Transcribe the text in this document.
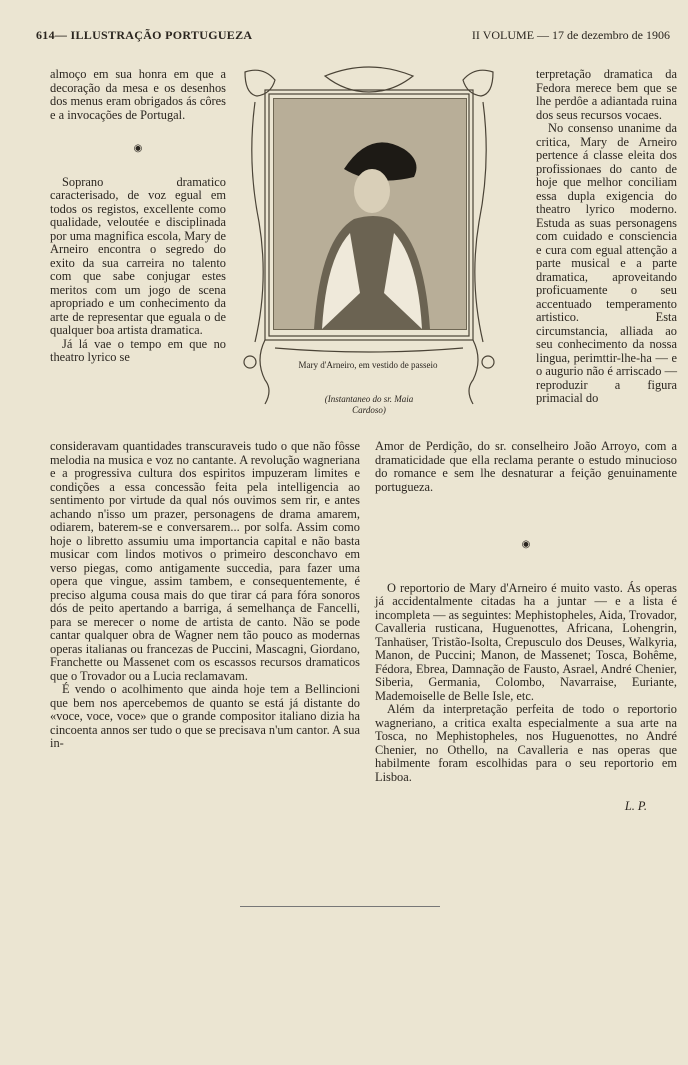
614— ILLUSTRAÇÃO PORTUGUEZA	II VOLUME — 17 de dezembro de 1906

almoço em sua honra em que a decoração da mesa e os desenhos dos menus eram obrigados ás côres e a invocações de Portugal.

◉

Soprano dramatico caracterisado, de voz egual em todos os registos, excellente como qualidade, veloutée e disciplinada por uma magnifica escola, Mary de Arneiro encontra o segredo do exito da sua carreira no talento com que sabe conjugar estes meritos com um jogo de scena apropriado e um conhecimento da arte de representar que eguala o de qualquer boa artista dramatica.

Já lá vae o tempo em que no theatro lyrico se

Mary d'Arneiro, em vestido de passeio
(Instantaneo do sr. Maia Cardoso)

terpretação dramatica da Fedora merece bem que se lhe perdôe a adiantada ruina dos seus recursos vocaes.

No consenso unanime da critica, Mary de Arneiro pertence á classe eleita dos profissionaes do canto de hoje que melhor conciliam essa dupla exigencia do theatro lyrico moderno. Estuda as suas personagens com cuidado e consciencia e cura com egual attenção a parte musical e a parte dramatica, aproveitando proficuamente o seu accentuado temperamento artistico. Esta circumstancia, alliada ao seu conhecimento da nossa lingua, perimttir-lhe-ha — e o augurio não é arriscado — reproduzir a figura primacial do

consideravam quantidades transcuraveis tudo o que não fôsse melodia na musica e voz no cantante. A revolução wagneriana e a progressiva cultura dos espiritos impuzeram limites e condições a essa concessão feita pela intelligencia ao sentimento por virtude da qual nós ouvimos sem rir, e antes achando n'isso um prazer, personagens de drama amarem, odiarem, baterem-se e conversarem... por solfa. Assim como hoje o libretto assumiu uma importancia capital e não basta musicar com lindos motivos o primeiro desconchavo em verso piegas, como antigamente succedia, para fazer uma opera que vingue, assim tambem, e consequentemente, é preciso alguma cousa mais do que tirar cá para fóra sonoros dós de peito apertando a barriga, á semelhança de Fancelli, para se merecer o nome de artista de canto. Não se pode cantar qualquer obra de Wagner nem tão pouco as modernas operas italianas ou francezas de Puccini, Mascagni, Giordano, Franchette ou Massenet com os escassos recursos dramaticos que o Trovador ou a Lucia reclamavam.

É vendo o acolhimento que ainda hoje tem a Bellincioni que bem nos apercebemos de quanto se está já distante do «voce, voce, voce» que o grande compositor italiano dizia ha cincoenta annos ser tudo o que se precisava n'um cantor. A sua in-

Amor de Perdição, do sr. conselheiro João Arroyo, com a dramaticidade que ella reclama perante o estudo minucioso do romance e sem lhe desnaturar a feição genuinamente portugueza.

◉

O reportorio de Mary d'Arneiro é muito vasto. Ás operas já accidentalmente citadas ha a juntar — e a lista é incompleta — as seguintes: Mephistopheles, Aida, Trovador, Cavalleria rusticana, Huguenottes, Africana, Lohengrin, Tanhaüser, Tristão-Isolta, Crepusculo dos Deuses, Walkyria, Manon, de Puccini; Manon, de Massenet; Tosca, Bohême, Fédora, Ebrea, Damnação de Fausto, Asrael, André Chenier, Siberia, Germania, Colombo, Navarraise, Euriante, Mademoiselle de Belle Isle, etc.

Além da interpretação perfeita de todo o reportorio wagneriano, a critica exalta especialmente a sua arte na Tosca, no Mephistopheles, nos Huguenottes, no André Chenier, no Othello, na Cavalleria e nas operas que habilmente foram escolhidas para o seu reportorio em Lisboa.

L. P.
